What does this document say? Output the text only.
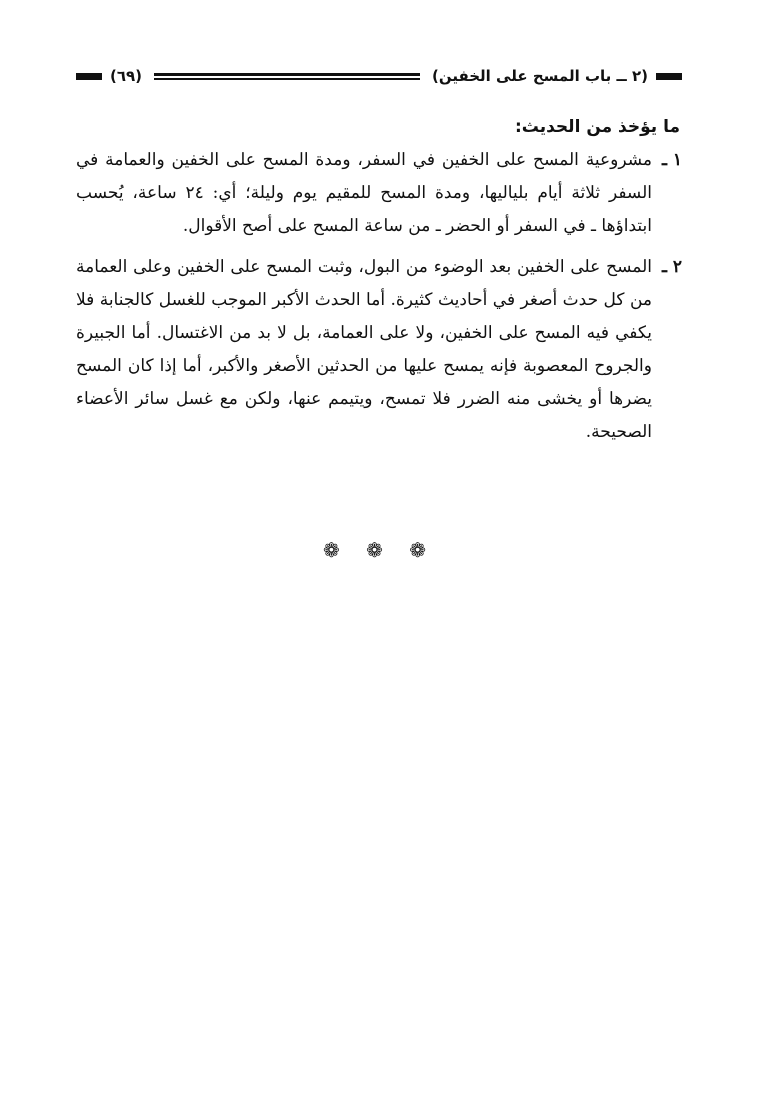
(٢ ــ باب المسح على الخفين)
(٦٩)
ما يؤخذ من الحديث:
١ ـ

مشروعية المسح على الخفين في السفر، ومدة المسح على الخفين والعمامة في السفر ثلاثة أيام بلياليها، ومدة المسح للمقيم يوم وليلة؛ أي: ٢٤ ساعة، يُحسب ابتداؤها ـ في السفر أو الحضر ـ من ساعة المسح على أصح الأقوال.

٢ ـ

المسح على الخفين بعد الوضوء من البول، وثبت المسح على الخفين وعلى العمامة من كل حدث أصغر في أحاديث كثيرة. أما الحدث الأكبر الموجب للغسل كالجنابة فلا يكفي فيه المسح على الخفين، ولا على العمامة، بل لا بد من الاغتسال. أما الجبيرة والجروح المعصوبة فإنه يمسح عليها من الحدثين الأصغر والأكبر، أما إذا كان المسح يضرها أو يخشى منه الضرر فلا تمسح، ويتيمم عنها، ولكن مع غسل سائر الأعضاء الصحيحة.

❁ ❁ ❁
